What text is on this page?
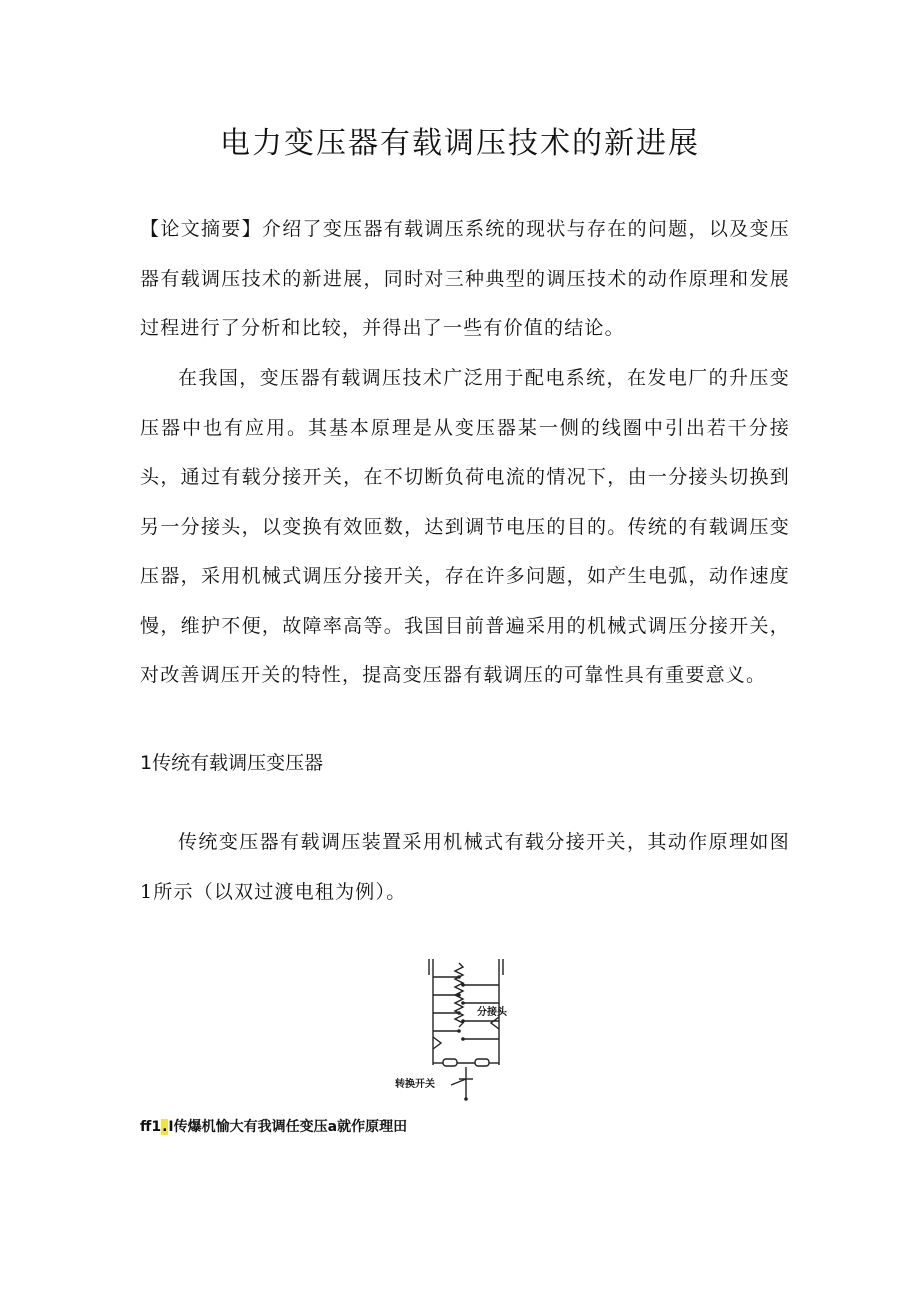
电力变压器有载调压技术的新进展

【论文摘要】介绍了变压器有载调压系统的现状与存在的问题，以及变压器有载调压技术的新进展，同时对三种典型的调压技术的动作原理和发展过程进行了分析和比较，并得出了一些有价值的结论。

在我国，变压器有载调压技术广泛用于配电系统，在发电厂的升压变压器中也有应用。其基本原理是从变压器某一侧的线圈中引出若干分接头，通过有载分接开关，在不切断负荷电流的情况下，由一分接头切换到另一分接头，以变换有效匝数，达到调节电压的目的。传统的有载调压变压器，采用机械式调压分接开关，存在许多问题，如产生电弧，动作速度慢，维护不便，故障率高等。我国目前普遍采用的机械式调压分接开关，对改善调压开关的特性，提高变压器有载调压的可靠性具有重要意义。

1传统有载调压变压器

传统变压器有载调压装置采用机械式有载分接开关，其动作原理如图1所示（以双过渡电租为例）。

分接头
转换开关
ff1.I传爆机愉大有我调任变压a就作原理田
